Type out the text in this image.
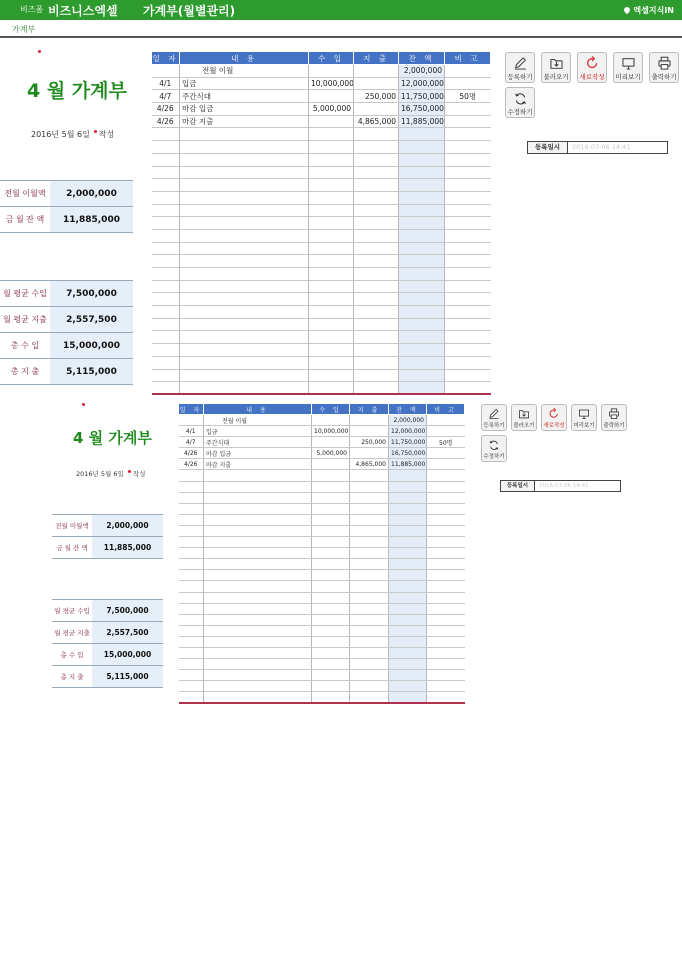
비즈폼 비즈니스엑셀 가계부(월별관리)	엑셀지식IN
가계부
4 월 가계부
2016년 5월 6일 작성
전월 이월액	2,000,000
금 월 잔 액	11,885,000

월 평균 수입	7,500,000
월 평균 지출	2,557,500
총 수 입	15,000,000
총 지 출	5,115,000
일 자	내 용	수 입	지 출	잔 액	비 고
	전월 이월			2,000,000	
4/1	입금	10,000,000		12,000,000	
4/7	주간식대		250,000	11,750,000	50명
4/26	마감 입금	5,000,000		16,750,000	
4/26	마감 지출		4,865,000	11,885,000	

등록하기	불러오기	새로작성	미리보기	출력하기
수정하기
등록일시	2016-07-06 14:41
4 월 가계부
2016년 5월 6일 작성
전월 이월액	2,000,000
금 월 잔 액	11,885,000

월 평균 수입	7,500,000
월 평균 지출	2,557,500
총 수 입	15,000,000
총 지 출	5,115,000
일 자	내 용	수 입	지 출	잔 액	비 고
	전월 이월			2,000,000	
4/1	입금	10,000,000		12,000,000	
4/7	주간식대		250,000	11,750,000	50명
4/26	마감 입금	5,000,000		16,750,000	
4/26	마감 지출		4,865,000	11,885,000	

등록하기	불러오기	새로작성	미리보기	출력하기
수정하기
등록일시	2016-07-06 14:41
